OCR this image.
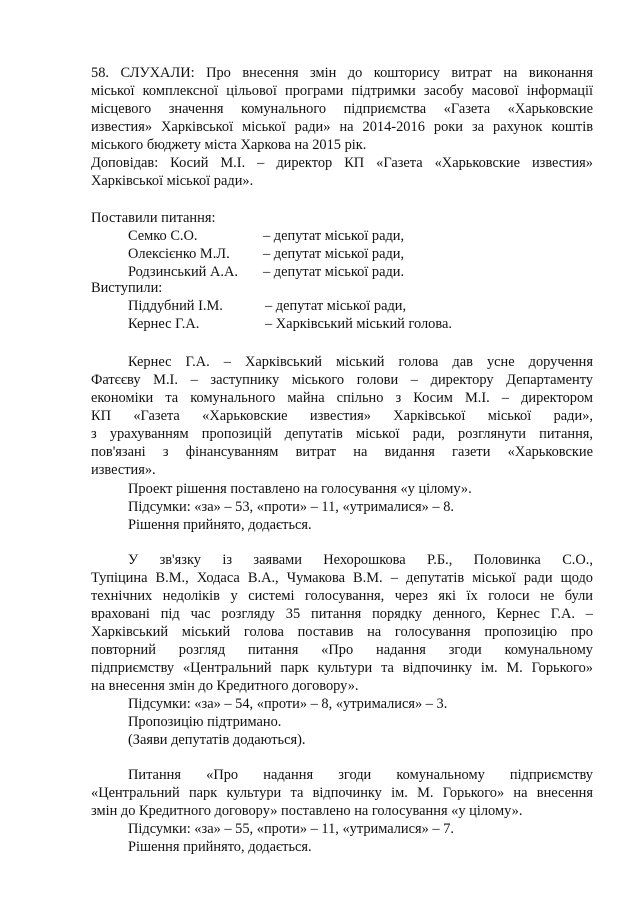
58. СЛУХАЛИ: Про внесення змін до кошторису витрат на виконання
міської комплексної цільової програми підтримки засобу масової інформації
місцевого значення комунального підприємства «Газета «Харьковские
известия» Харківської міської ради» на 2014-2016 роки за рахунок коштів
міського бюджету міста Харкова на 2015 рік.
Доповідав: Косий М.І. – директор КП «Газета «Харьковские известия»
Харківської міської ради».
Поставили питання:
Семко С.О.	– депутат міської ради,
Олексієнко М.Л. – депутат міської ради,
Родзинський А.А. – депутат міської ради.
Виступили:
Піддубний І.М.	– депутат міської ради,
Кернес Г.А.	– Харківський міський голова.
Кернес Г.А. – Харківський міський голова дав усне доручення
Фатєєву М.І. – заступнику міського голови – директору Департаменту
економіки та комунального майна спільно з Косим М.І. – директором
КП «Газета «Харьковские известия» Харківської міської ради»,
з урахуванням пропозицій депутатів міської ради, розглянути питання,
пов'язані з фінансуванням витрат на видання газети «Харьковские
известия».
Проект рішення поставлено на голосування «у цілому».
Підсумки: «за» – 53, «проти» – 11, «утрималися» – 8.
Рішення прийнято, додається.
У зв'язку із заявами Нехорошкова Р.Б., Половинка С.О.,
Тупіцина В.М., Ходаса В.А., Чумакова В.М. – депутатів міської ради щодо
технічних недоліків у системі голосування, через які їх голоси не були
враховані під час розгляду 35 питання порядку денного, Кернес Г.А. –
Харківський міський голова поставив на голосування пропозицію про
повторний розгляд питання «Про надання згоди комунальному
підприємству «Центральний парк культури та відпочинку ім. М. Горького»
на внесення змін до Кредитного договору».
Підсумки: «за» – 54, «проти» – 8, «утрималися» – 3.
Пропозицію підтримано.
(Заяви депутатів додаються).
Питання «Про надання згоди комунальному підприємству
«Центральний парк культури та відпочинку ім. М. Горького» на внесення
змін до Кредитного договору» поставлено на голосування «у цілому».
Підсумки: «за» – 55, «проти» – 11, «утрималися» – 7.
Рішення прийнято, додається.
